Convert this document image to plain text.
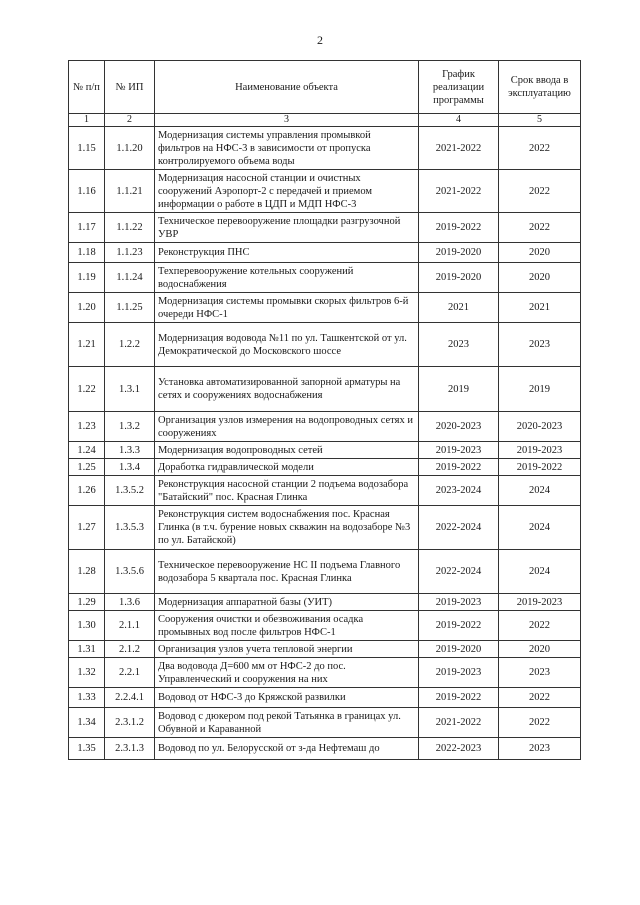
2
№ п/п	№ ИП	Наименование объекта	График реализации программы	Срок ввода в эксплуатацию
1	2	3	4	5
1.15	1.1.20	Модернизация системы управления промывкой фильтров на НФС-3 в зависимости от пропуска контролируемого объема воды	2021-2022	2022
1.16	1.1.21	Модернизация насосной станции и очистных сооружений Аэропорт-2 с передачей и приемом информации о работе в ЦДП и МДП НФС-3	2021-2022	2022
1.17	1.1.22	Техническое перевооружение площадки разгрузочной УВР	2019-2022	2022
1.18	1.1.23	Реконструкция ПНС	2019-2020	2020
1.19	1.1.24	Техперевооружение котельных сооружений водоснабжения	2019-2020	2020
1.20	1.1.25	Модернизация системы промывки скорых фильтров 6-й очереди НФС-1	2021	2021
1.21	1.2.2	Модернизация водовода №11 по ул. Ташкентской от ул. Демократической до Московского шоссе	2023	2023
1.22	1.3.1	Установка автоматизированной запорной арматуры на сетях и сооружениях водоснабжения	2019	2019
1.23	1.3.2	Организация узлов измерения на водопроводных сетях и сооружениях	2020-2023	2020-2023
1.24	1.3.3	Модернизация водопроводных сетей	2019-2023	2019-2023
1.25	1.3.4	Доработка гидравлической модели	2019-2022	2019-2022
1.26	1.3.5.2	Реконструкция насосной станции 2 подъема водозабора "Батайский" пос. Красная Глинка	2023-2024	2024
1.27	1.3.5.3	Реконструкция систем водоснабжения пос. Красная Глинка (в т.ч. бурение новых скважин на водозаборе №3 по ул. Батайской)	2022-2024	2024
1.28	1.3.5.6	Техническое перевооружение НС II подъема Главного водозабора 5 квартала пос. Красная Глинка	2022-2024	2024
1.29	1.3.6	Модернизация аппаратной базы (УИТ)	2019-2023	2019-2023
1.30	2.1.1	Сооружения очистки и обезвоживания осадка промывных вод после фильтров НФС-1	2019-2022	2022
1.31	2.1.2	Организация узлов учета тепловой энергии	2019-2020	2020
1.32	2.2.1	Два водовода Д=600 мм от НФС-2 до пос. Управленческий и сооружения на них	2019-2023	2023
1.33	2.2.4.1	Водовод от НФС-3 до Кряжской развилки	2019-2022	2022
1.34	2.3.1.2	Водовод с дюкером под рекой Татьянка в границах ул. Обувной и Караванной	2021-2022	2022
1.35	2.3.1.3	Водовод по ул. Белорусской от з-да Нефтемаш до	2022-2023	2023
